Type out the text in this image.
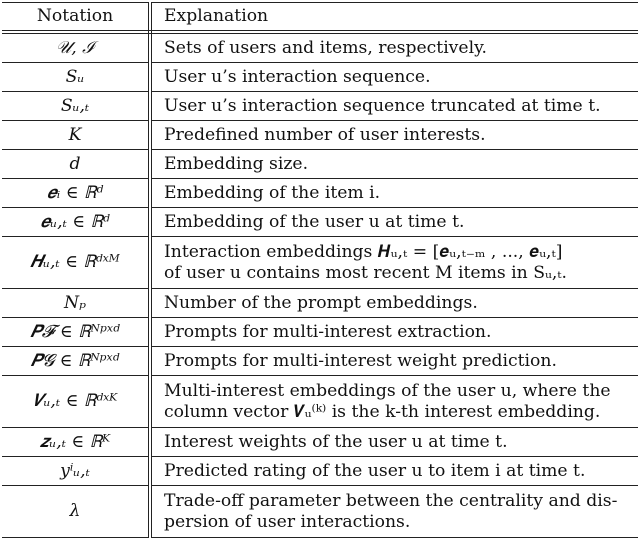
Notation	Explanation
𝒰, ℐ	Sets of users and items, respectively.

Sᵤ	User u’s interaction sequence.

Sᵤ,ₜ	User u’s interaction sequence truncated at time t.

K	Predefined number of user interests.

d	Embedding size.

𝒆ᵢ ∈ ℝᵈ	Embedding of the item i.

𝒆ᵤ,ₜ ∈ ℝᵈ	Embedding of the user u at time t.

𝑯ᵤ,ₜ ∈ ℝᵈˣᴹ	Interaction embeddings 𝑯ᵤ,ₜ = [𝒆ᵤ,ₜ₋ₘ , ..., 𝒆ᵤ,ₜ]
of user u contains most recent M items in Sᵤ,ₜ.

Nₚ	Number of the prompt embeddings.

𝑷𝓕 ∈ ℝᴺᵖˣᵈ	Prompts for multi-interest extraction.

𝑷𝓖 ∈ ℝᴺᵖˣᵈ	Prompts for multi-interest weight prediction.

𝑽ᵤ,ₜ ∈ ℝᵈˣᴷ	Multi-interest embeddings of the user u, where the
column vector 𝑽ᵤ⁽ᵏ⁾ is the k-th interest embedding.

𝒛ᵤ,ₜ ∈ ℝᴷ	Interest weights of the user u at time t.

yⁱᵤ,ₜ	Predicted rating of the user u to item i at time t.

λ	Trade-off parameter between the centrality and dis-
persion of user interactions.
